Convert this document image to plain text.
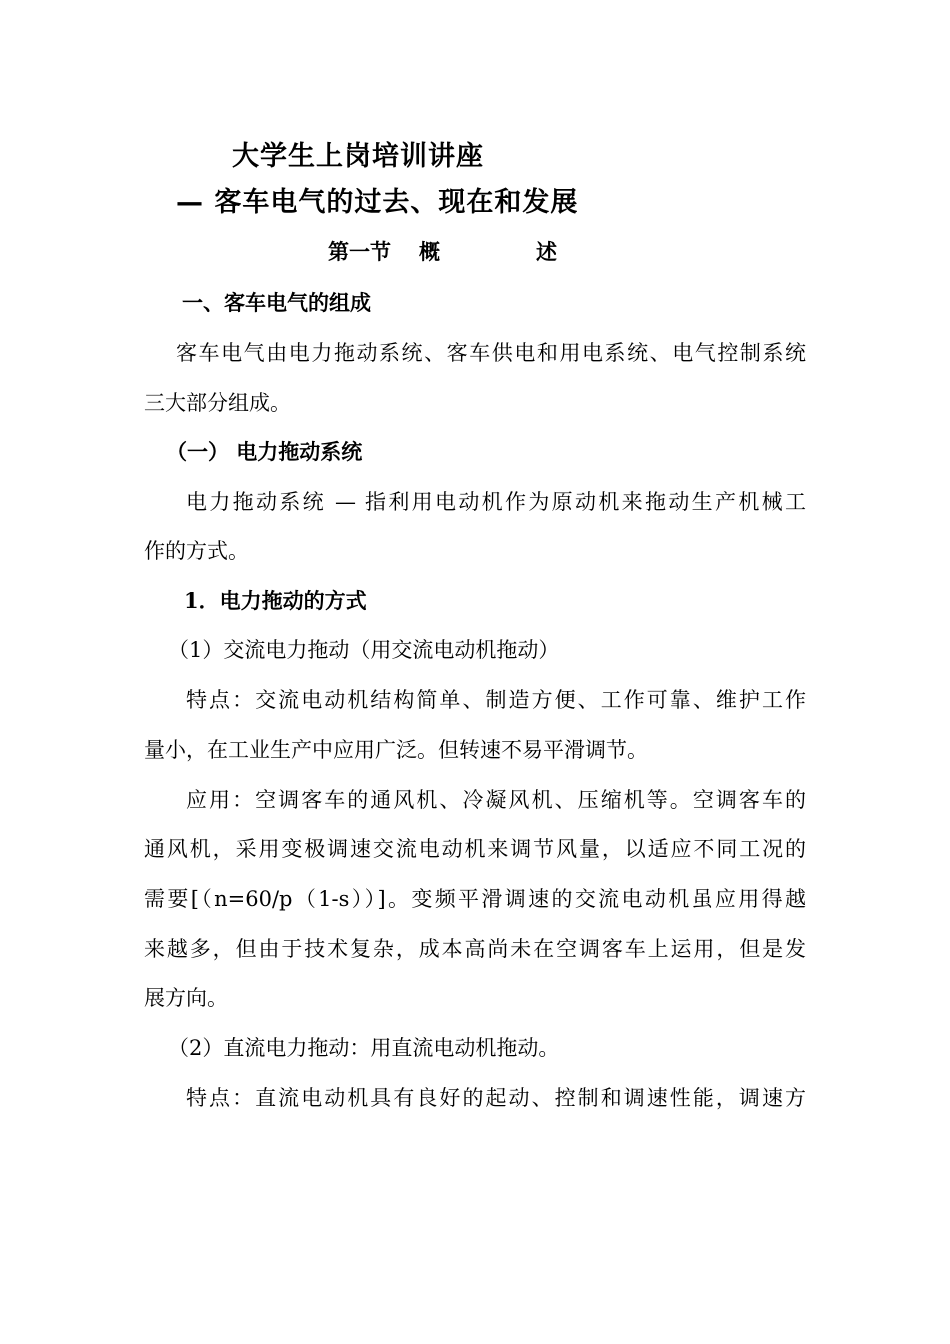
大学生上岗培训讲座
— 客车电气的过去、现在和发展
第一节 概	述
一、客车电气的组成
客车电气由电力拖动系统、客车供电和用电系统、电气控制系统
三大部分组成。
（一） 电力拖动系统
电力拖动系统 — 指利用电动机作为原动机来拖动生产机械工
作的方式。
1．电力拖动的方式
（1）交流电力拖动（用交流电动机拖动）
特点：交流电动机结构简单、制造方便、工作可靠、维护工作
量小，在工业生产中应用广泛。但转速不易平滑调节。
应用：空调客车的通风机、冷凝风机、压缩机等。空调客车的
通风机，采用变极调速交流电动机来调节风量，以适应不同工况的
需要[（n=60/p（1-s））]。变频平滑调速的交流电动机虽应用得越
来越多，但由于技术复杂，成本高尚未在空调客车上运用，但是发
展方向。
（2）直流电力拖动：用直流电动机拖动。
特点：直流电动机具有良好的起动、控制和调速性能，调速方
